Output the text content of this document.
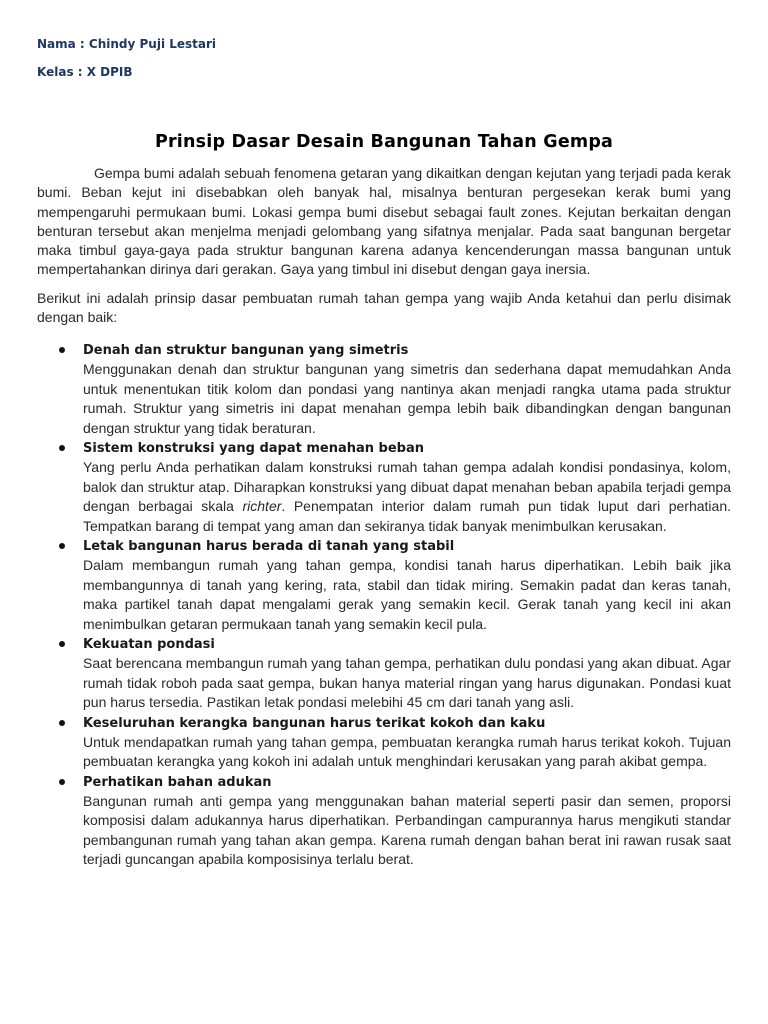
Nama : Chindy Puji Lestari

Kelas : X DPIB

Prinsip Dasar Desain Bangunan Tahan Gempa

Gempa bumi adalah sebuah fenomena getaran yang dikaitkan dengan kejutan yang terjadi pada kerak bumi. Beban kejut ini disebabkan oleh banyak hal, misalnya benturan pergesekan kerak bumi yang mempengaruhi permukaan bumi. Lokasi gempa bumi disebut sebagai fault zones. Kejutan berkaitan dengan benturan tersebut akan menjelma menjadi gelombang yang sifatnya menjalar. Pada saat bangunan bergetar maka timbul gaya-gaya pada struktur bangunan karena adanya kencenderungan massa bangunan untuk mempertahankan dirinya dari gerakan. Gaya yang timbul ini disebut dengan gaya inersia.

Berikut ini adalah prinsip dasar pembuatan rumah tahan gempa yang wajib Anda ketahui dan perlu disimak dengan baik:

Denah dan struktur bangunan yang simetris
Menggunakan denah dan struktur bangunan yang simetris dan sederhana dapat memudahkan Anda untuk menentukan titik kolom dan pondasi yang nantinya akan menjadi rangka utama pada struktur rumah. Struktur yang simetris ini dapat menahan gempa lebih baik dibandingkan dengan bangunan dengan struktur yang tidak beraturan.
Sistem konstruksi yang dapat menahan beban
Yang perlu Anda perhatikan dalam konstruksi rumah tahan gempa adalah kondisi pondasinya, kolom, balok dan struktur atap. Diharapkan konstruksi yang dibuat dapat menahan beban apabila terjadi gempa dengan berbagai skala richter. Penempatan interior dalam rumah pun tidak luput dari perhatian. Tempatkan barang di tempat yang aman dan sekiranya tidak banyak menimbulkan kerusakan.
Letak bangunan harus berada di tanah yang stabil
Dalam membangun rumah yang tahan gempa, kondisi tanah harus diperhatikan. Lebih baik jika membangunnya di tanah yang kering, rata, stabil dan tidak miring. Semakin padat dan keras tanah, maka partikel tanah dapat mengalami gerak yang semakin kecil. Gerak tanah yang kecil ini akan menimbulkan getaran permukaan tanah yang semakin kecil pula.
Kekuatan pondasi
Saat berencana membangun rumah yang tahan gempa, perhatikan dulu pondasi yang akan dibuat. Agar rumah tidak roboh pada saat gempa, bukan hanya material ringan yang harus digunakan. Pondasi kuat pun harus tersedia. Pastikan letak pondasi melebihi 45 cm dari tanah yang asli.
Keseluruhan kerangka bangunan harus terikat kokoh dan kaku
Untuk mendapatkan rumah yang tahan gempa, pembuatan kerangka rumah harus terikat kokoh. Tujuan pembuatan kerangka yang kokoh ini adalah untuk menghindari kerusakan yang parah akibat gempa.
Perhatikan bahan adukan
Bangunan rumah anti gempa yang menggunakan bahan material seperti pasir dan semen, proporsi komposisi dalam adukannya harus diperhatikan. Perbandingan campurannya harus mengikuti standar pembangunan rumah yang tahan akan gempa. Karena rumah dengan bahan berat ini rawan rusak saat terjadi guncangan apabila komposisinya terlalu berat.
